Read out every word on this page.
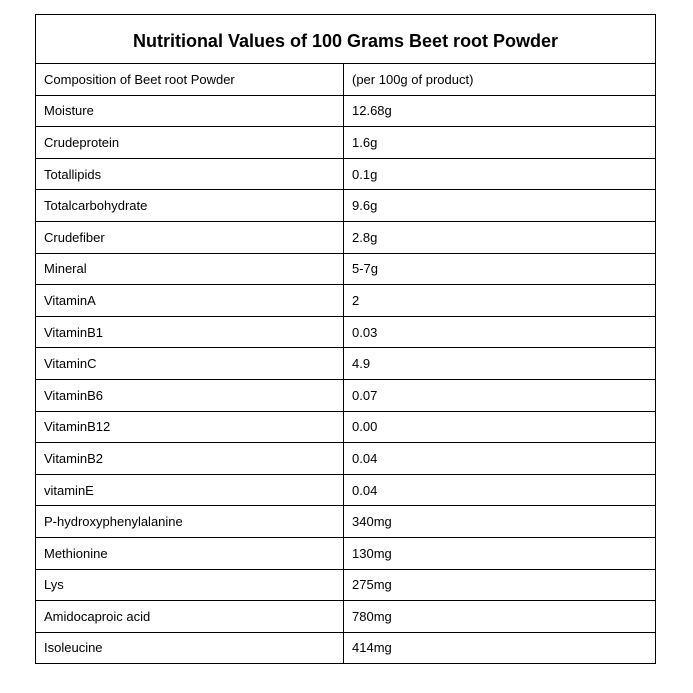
Nutritional Values of 100 Grams Beet root Powder	
Composition of Beet root Powder	(per 100g of product)
Moisture	12.68g
Crudeprotein	1.6g
Totallipids	0.1g
Totalcarbohydrate	9.6g
Crudefiber	2.8g
Mineral	5-7g
VitaminA	2
VitaminB1	0.03
VitaminC	4.9
VitaminB6	0.07
VitaminB12	0.00
VitaminB2	0.04
vitaminE	0.04
P-hydroxyphenylalanine	340mg
Methionine	130mg
Lys	275mg
Amidocaproic acid	780mg
Isoleucine	414mg
